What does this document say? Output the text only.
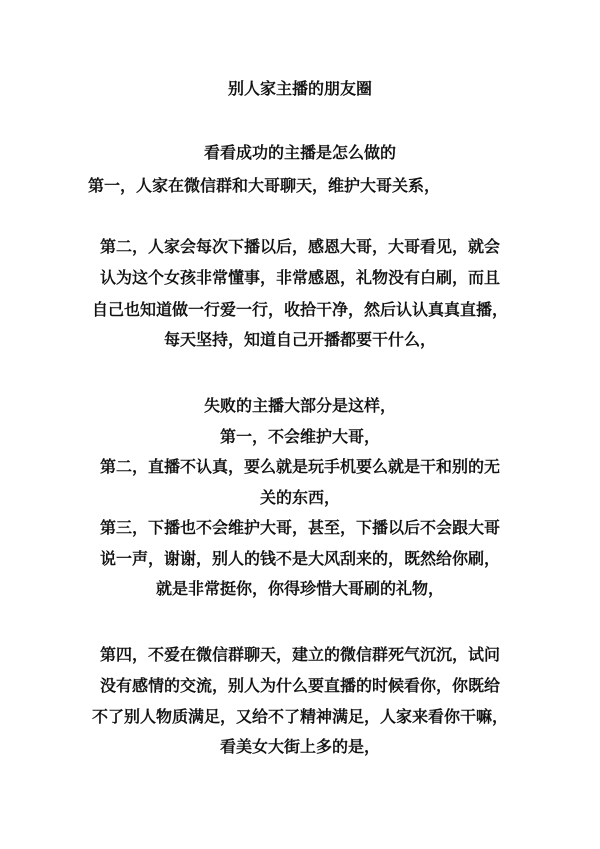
别人家主播的朋友圈
看看成功的主播是怎么做的
第一，人家在微信群和大哥聊天，维护大哥关系，
第二，人家会每次下播以后，感恩大哥，大哥看见，就会
认为这个女孩非常懂事，非常感恩，礼物没有白刷，而且
自己也知道做一行爱一行，收拾干净，然后认认真真直播，
每天坚持，知道自己开播都要干什么，
失败的主播大部分是这样，
第一，不会维护大哥，
第二，直播不认真，要么就是玩手机要么就是干和别的无
关的东西，
第三，下播也不会维护大哥，甚至，下播以后不会跟大哥
说一声，谢谢，别人的钱不是大风刮来的，既然给你刷，
就是非常挺你，你得珍惜大哥刷的礼物，
第四，不爱在微信群聊天，建立的微信群死气沉沉，试问
没有感情的交流，别人为什么要直播的时候看你，你既给
不了别人物质满足，又给不了精神满足，人家来看你干嘛，
看美女大街上多的是，
